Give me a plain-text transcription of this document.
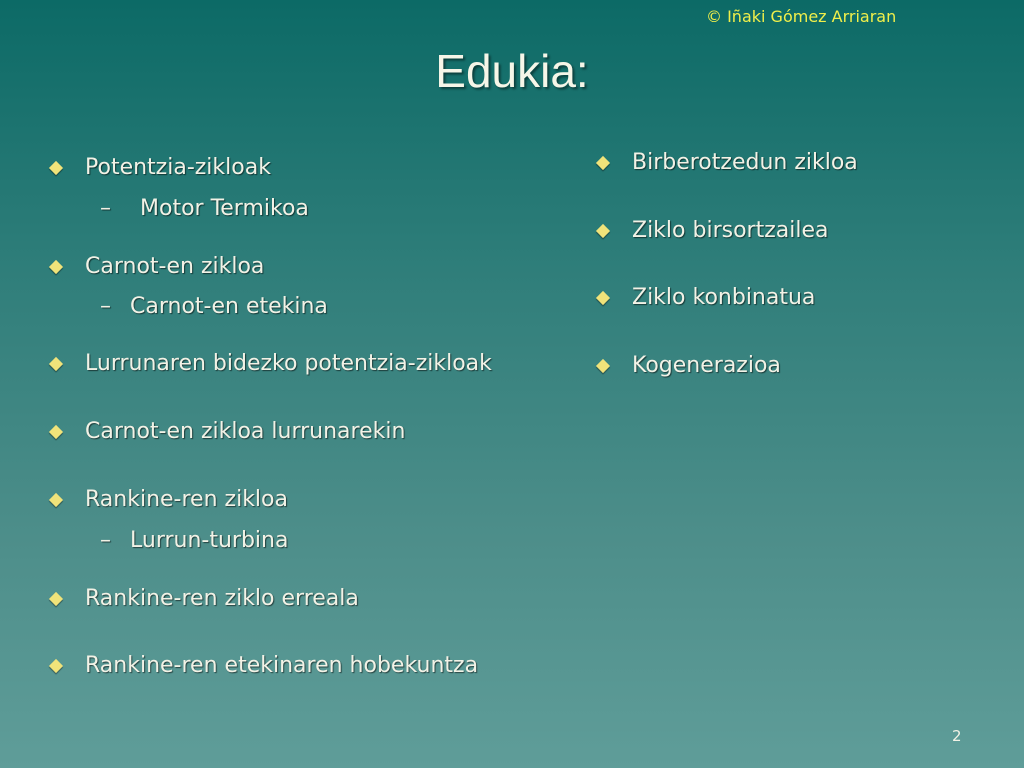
© Iñaki Gómez Arriaran
Edukia:
Potentzia-zikloak
– Motor Termikoa
Carnot-en zikloa
– Carnot-en etekina
Lurrunaren bidezko potentzia-zikloak
Carnot-en zikloa lurrunarekin
Rankine-ren zikloa
– Lurrun-turbina
Rankine-ren ziklo erreala
Rankine-ren etekinaren hobekuntza
Birberotzedun zikloa
Ziklo birsortzailea
Ziklo konbinatua
Kogenerazioa
2
